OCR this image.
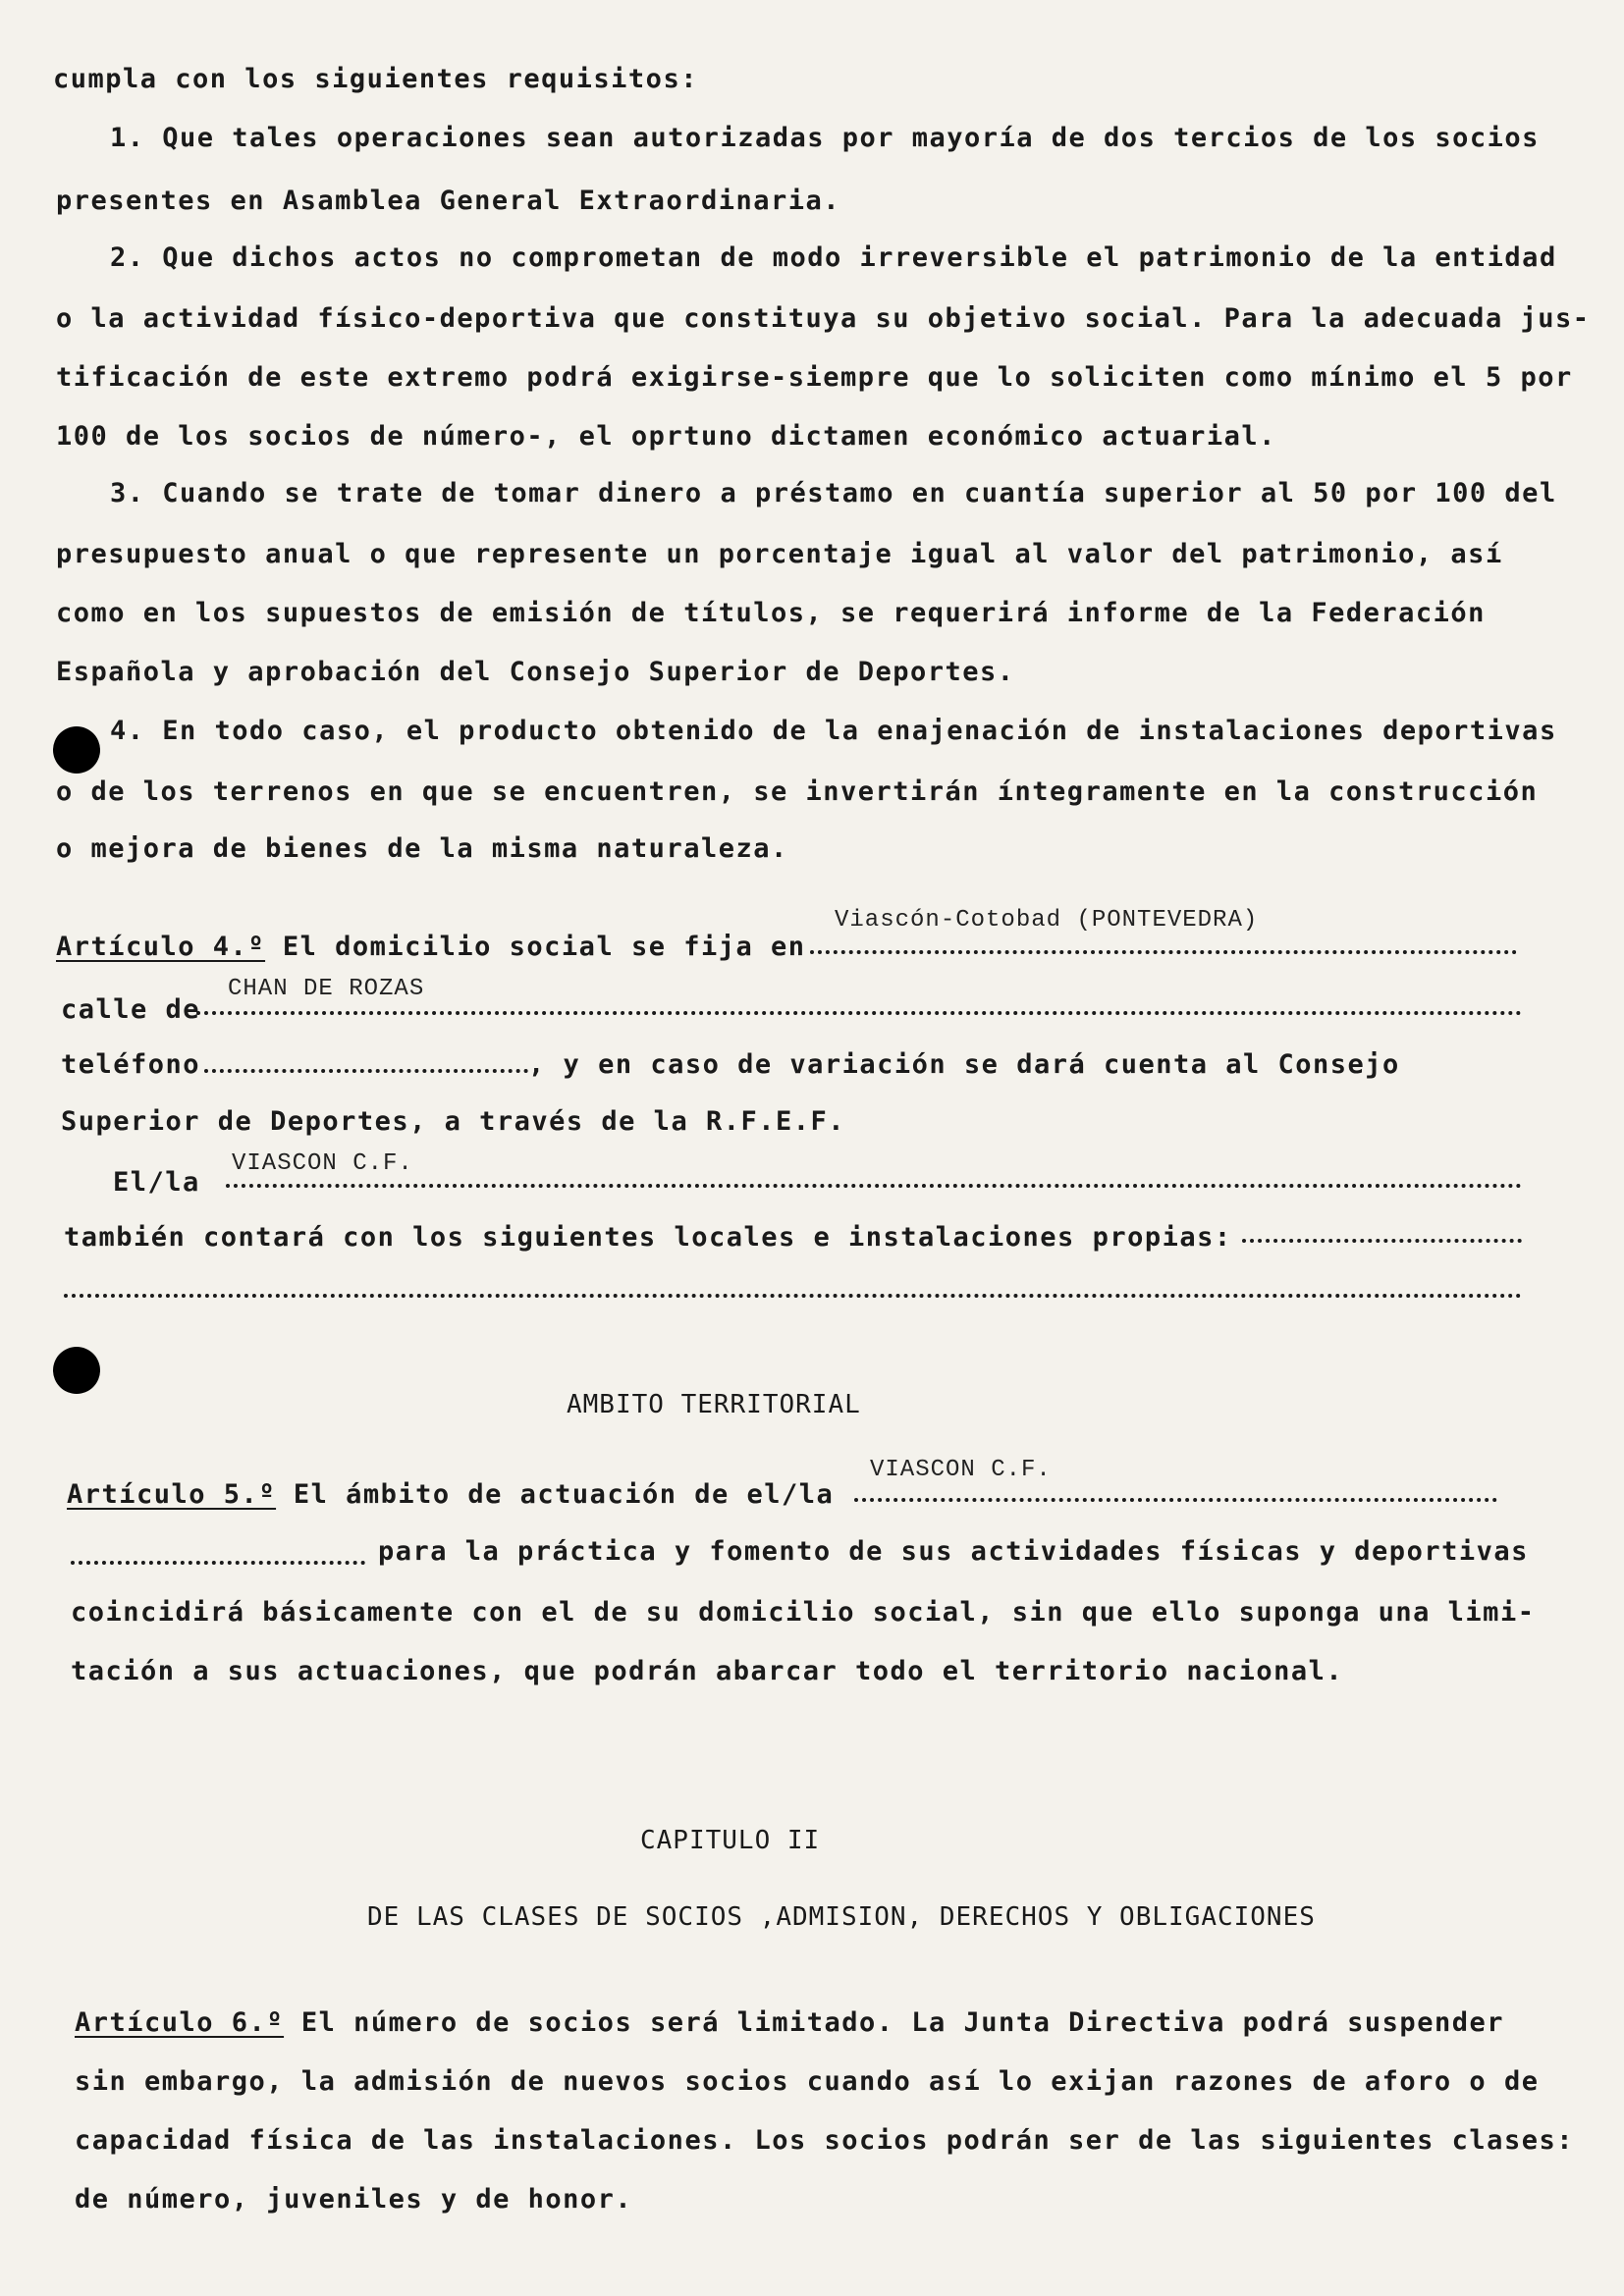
cumpla con los siguientes requisitos:
1. Que tales operaciones sean autorizadas por mayoría de dos tercios de los socios
presentes en Asamblea General Extraordinaria.
2. Que dichos actos no comprometan de modo irreversible el patrimonio de la entidad
o la actividad físico-deportiva que constituya su objetivo social. Para la adecuada jus-
tificación de este extremo podrá exigirse-siempre que lo soliciten como mínimo el 5 por
100 de los socios de número-, el oprtuno dictamen económico actuarial.
3. Cuando se trate de tomar dinero a préstamo en cuantía superior al 50 por 100 del
presupuesto anual o que represente un porcentaje igual al valor del patrimonio, así
como en los supuestos de emisión de títulos, se requerirá informe de la Federación
Española y aprobación del Consejo Superior de Deportes.
4. En todo caso, el producto obtenido de la enajenación de instalaciones deportivas
o de los terrenos en que se encuentren, se invertirán íntegramente en la construcción
o mejora de bienes de la misma naturaleza.
Artículo 4.º El domicilio social se fija en
Viascón-Cotobad (PONTEVEDRA)
calle de
CHAN DE ROZAS
teléfono	, y en caso de variación se dará cuenta al Consejo
Superior de Deportes, a través de la R.F.E.F.
El/la
VIASCON C.F.
también contará con los siguientes locales e instalaciones propias:
AMBITO TERRITORIAL
Artículo 5.º El ámbito de actuación de el/la
VIASCON C.F.
para la práctica y fomento de sus actividades físicas y deportivas
coincidirá básicamente con el de su domicilio social, sin que ello suponga una limi-
tación a sus actuaciones, que podrán abarcar todo el territorio nacional.
CAPITULO II
DE LAS CLASES DE SOCIOS ,ADMISION, DERECHOS Y OBLIGACIONES
Artículo 6.º El número de socios será limitado. La Junta Directiva podrá suspender
sin embargo, la admisión de nuevos socios cuando así lo exijan razones de aforo o de
capacidad física de las instalaciones. Los socios podrán ser de las siguientes clases:
de número, juveniles y de honor.
